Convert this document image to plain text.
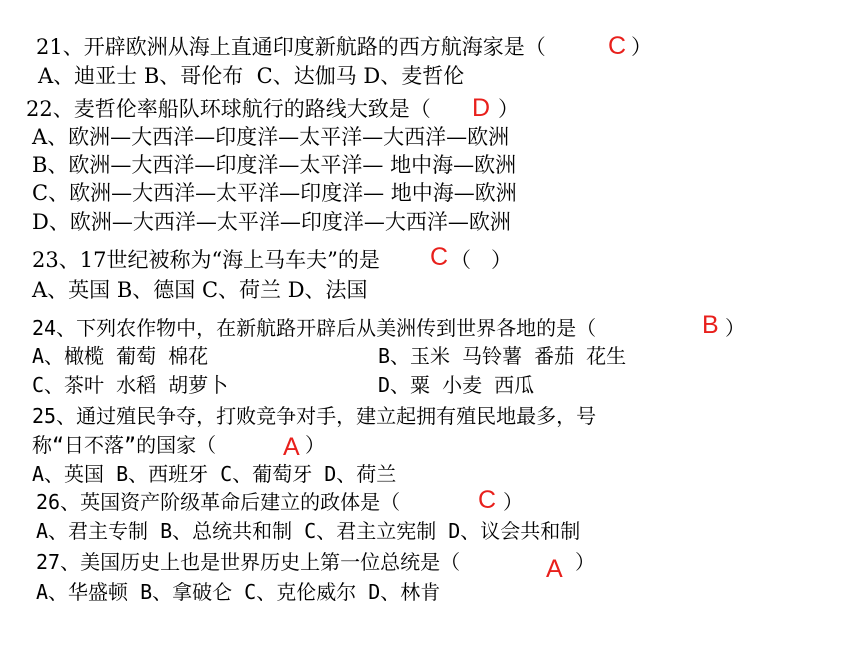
21、开辟欧洲从海上直通印度新航路的西方航海家是（ C ）
A、迪亚士 B、哥伦布  C、达伽马 D、麦哲伦
22、麦哲伦率船队环球航行的路线大致是（ D ）
A、欧洲—大西洋—印度洋—太平洋—大西洋—欧洲
B、欧洲—大西洋—印度洋—太平洋— 地中海—欧洲
C、欧洲—大西洋—太平洋—印度洋— 地中海—欧洲
D、欧洲—大西洋—太平洋—印度洋—大西洋—欧洲
23、17世纪被称为“海上马车夫”的是 C （   ）
A、英国 B、德国 C、荷兰 D、法国
24、下列农作物中，在新航路开辟后从美洲传到世界各地的是（	B ）
A、橄榄 葡萄 棉花	B、玉米 马铃薯 番茄 花生
C、茶叶 水稻 胡萝卜	D、粟 小麦 西瓜
25、通过殖民争夺，打败竞争对手，建立起拥有殖民地最多，号
称“日不落”的国家（	A ）
A、英国 B、西班牙 C、葡萄牙 D、荷兰
26、英国资产阶级革命后建立的政体是（	C ）
A、君主专制 B、总统共和制 C、君主立宪制 D、议会共和制
27、美国历史上也是世界历史上第一位总统是（	A ）
A、华盛顿 B、拿破仑 C、克伦威尔 D、林肯
